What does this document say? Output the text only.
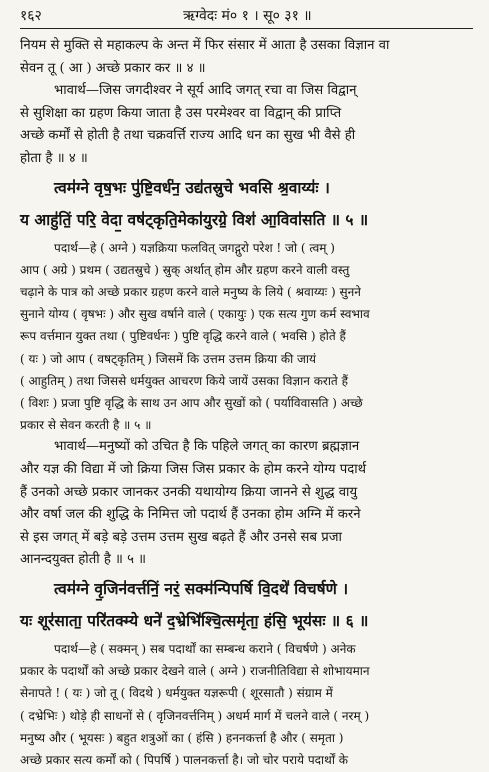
१६२	ऋग्वेदः मं० १ । सू० ३१ ॥
नियम से मुक्ति से महाकल्प के अन्त में फिर संसार में आता है उसका विज्ञान वा
सेवन तू ( आ ) अच्छे प्रकार कर ॥ ४ ॥
भावार्थ—जिस जगदीश्वर ने सूर्य आदि जगत् रचा वा जिस विद्वान्
से सुशिक्षा का ग्रहण किया जाता है उस परमेश्वर वा विद्वान् की प्राप्ति
अच्छे कर्मों से होती है तथा चक्रवर्त्ति राज्य आदि धन का सुख भी वैसे ही
होता है ॥ ४ ॥
त्वम॑ग्ने वृष॒भः पु॑ष्टि॒वर्ध॑न॒ उद्य॑तस्रुचे भवसि श्र॒वाय्यः॑ ।
य आहु॑तिं॒ परि॒ वेदा॒ वष॑ट्कृति॒मेका॑युरग्रे॒ विश॑ आ॒विवा॑सति ॥ ५ ॥
पदार्थ—हे ( अग्ने ) यज्ञक्रिया फलवित् जगद्गुरो परेश ! जो ( त्वम् )
आप ( अग्रे ) प्रथम ( उद्यतस्रुचे ) स्रुक् अर्थात् होम और ग्रहण करने वाली वस्तु
चढ़ाने के पात्र को अच्छे प्रकार ग्रहण करने वाले मनुष्य के लिये ( श्रवाय्यः ) सुनने
सुनाने योग्य ( वृषभः ) और सुख वर्षाने वाले ( एकायुः ) एक सत्य गुण कर्म स्वभाव
रूप वर्त्तमान युक्त तथा ( पुष्टिवर्धनः ) पुष्टि वृद्धि करने वाले ( भवसि ) होते हैं
( यः ) जो आप ( वषट्कृतिम् ) जिसमें कि उत्तम उत्तम क्रिया की जायं
( आहुतिम् ) तथा जिससे धर्मयुक्त आचरण किये जायें उसका विज्ञान कराते हैं
( विशः ) प्रजा पुष्टि वृद्धि के साथ उन आप और सुखों को ( पर्याविवासति ) अच्छे
प्रकार से सेवन करती है ॥ ५ ॥
भावार्थ—मनुष्यों को उचित है कि पहिले जगत् का कारण ब्रह्मज्ञान
और यज्ञ की विद्या में जो क्रिया जिस जिस प्रकार के होम करने योग्य पदार्थ
हैं उनको अच्छे प्रकार जानकर उनकी यथायोग्य क्रिया जानने से शुद्ध वायु
और वर्षा जल की शुद्धि के निमित्त जो पदार्थ हैं उनका होम अग्नि में करने
से इस जगत् में बड़े बड़े उत्तम उत्तम सुख बढ़ते हैं और उनसे सब प्रजा
आनन्दयुक्त होती है ॥ ५ ॥
त्वम॑ग्ने वृ॒जिन॑वर्त्तनिं॒ नरं॒ सक्म॑न्पिपर्षि वि॒दथे॑ विचर्षणे ।
यः शूर॑साता॒ परि॑तक्म्ये धने॑ द॒भ्रेभि॑श्चि॒त्समृ॑ता॒ हंसि॒ भूय॑सः ॥ ६ ॥
पदार्थ—हे ( सक्मन् ) सब पदार्थों का सम्बन्ध कराने ( विचर्षणे ) अनेक
प्रकार के पदार्थों को अच्छे प्रकार देखने वाले ( अग्ने ) राजनीतिविद्या से शोभायमान
सेनापते ! ( यः ) जो तू ( विदथे ) धर्मयुक्त यज्ञरूपी ( शूरसातौ ) संग्राम में
( दभ्रेभिः ) थोड़े ही साधनों से ( वृजिनवर्त्तनिम् ) अधर्म मार्ग में चलने वाले ( नरम् )
मनुष्य और ( भूयसः ) बहुत शत्रुओं का ( हंसि ) हननकर्त्ता है और ( समृता )
अच्छे प्रकार सत्य कर्मों को ( पिपर्षि ) पालनकर्त्ता है। जो चोर पराये पदार्थों के
